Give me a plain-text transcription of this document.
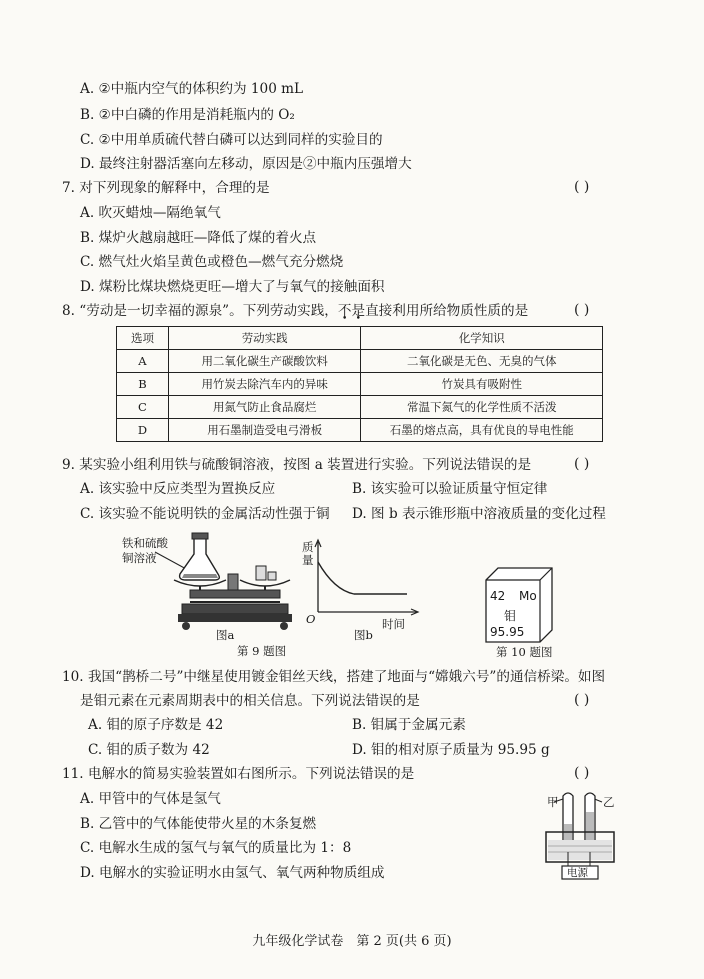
A. ②中瓶内空气的体积约为 100 mL
B. ②中白磷的作用是消耗瓶内的 O₂
C. ②中用单质硫代替白磷可以达到同样的实验目的
D. 最终注射器活塞向左移动，原因是②中瓶内压强增大
7. 对下列现象的解释中，合理的是	( )
A. 吹灭蜡烛—隔绝氧气
B. 煤炉火越扇越旺—降低了煤的着火点
C. 燃气灶火焰呈黄色或橙色—燃气充分燃烧
D. 煤粉比煤块燃烧更旺—增大了与氧气的接触面积
8. “劳动是一切幸福的源泉”。下列劳动实践，不是直接利用所给物质性质的是	( )
选项	劳动实践	化学知识
A	用二氧化碳生产碳酸饮料	二氧化碳是无色、无臭的气体
B	用竹炭去除汽车内的异味	竹炭具有吸附性
C	用氮气防止食品腐烂	常温下氮气的化学性质不活泼
D	用石墨制造受电弓滑板	石墨的熔点高，具有优良的导电性能
9. 某实验小组利用铁与硫酸铜溶液，按图 a 装置进行实验。下列说法错误的是	( )
A. 该实验中反应类型为置换反应	B. 该实验可以验证质量守恒定律
C. 该实验不能说明铁的金属活动性强于铜 D. 图 b 表示锥形瓶中溶液质量的变化过程
铁和硫酸
铜溶液
图a
质
量
O	时间
图b
第 9 题图
42 Mo
钼
95.95
第 10 题图
10. 我国“鹊桥二号”中继星使用镀金钼丝天线，搭建了地面与“嫦娥六号”的通信桥梁。如图
是钼元素在元素周期表中的相关信息。下列说法错误的是	( )
A. 钼的原子序数是 42	B. 钼属于金属元素
C. 钼的质子数为 42	D. 钼的相对原子质量为 95.95 g
11. 电解水的简易实验装置如右图所示。下列说法错误的是	( )
A. 甲管中的气体是氢气
B. 乙管中的气体能使带火星的木条复燃
C. 电解水生成的氢气与氧气的质量比为 1：8
D. 电解水的实验证明水由氢气、氧气两种物质组成
甲	乙
电源
九年级化学试卷　第 2 页(共 6 页)
